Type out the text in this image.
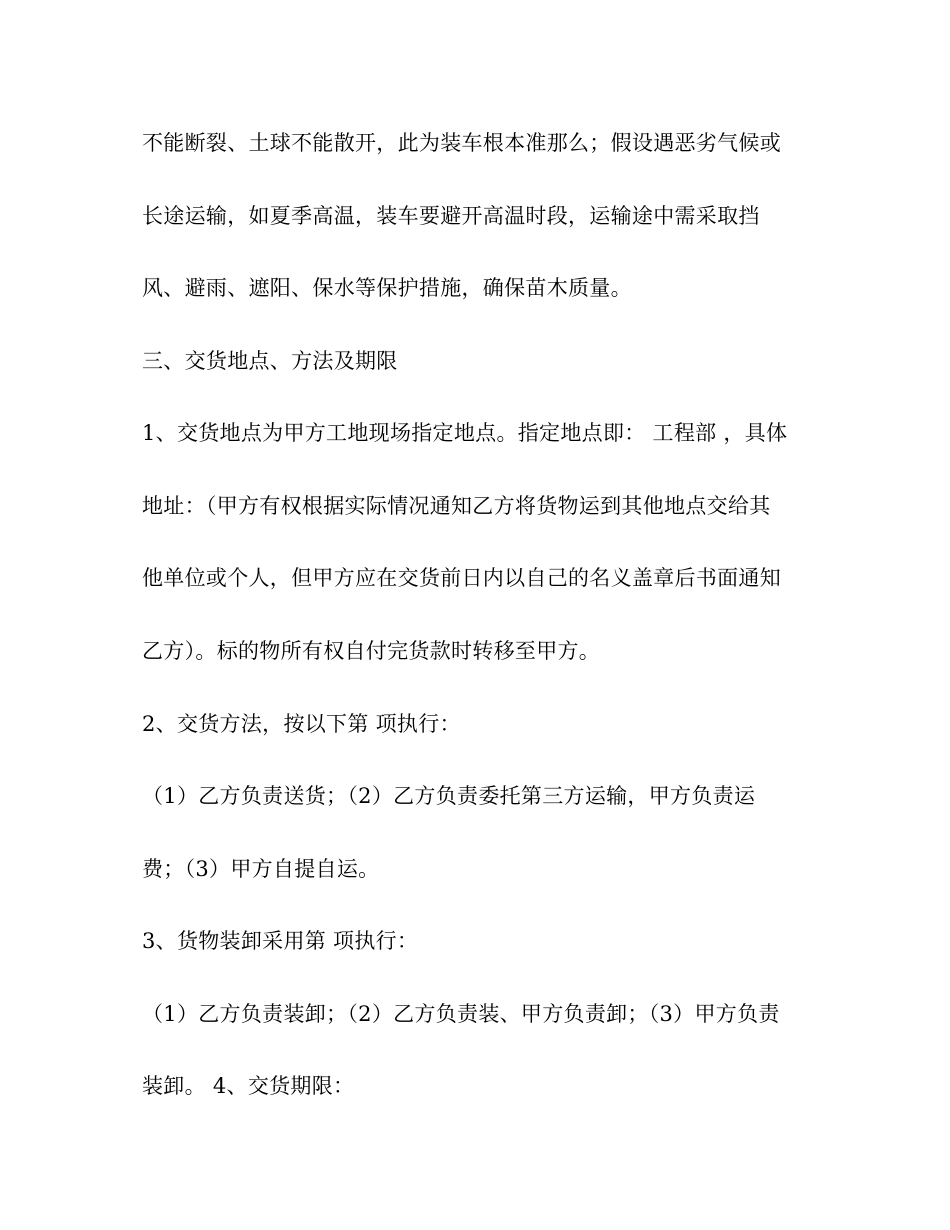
不能断裂、土球不能散开，此为装车根本准那么；假设遇恶劣气候或
长途运输，如夏季高温，装车要避开高温时段，运输途中需采取挡
风、避雨、遮阳、保水等保护措施，确保苗木质量。
三、交货地点、方法及期限
1、交货地点为甲方工地现场指定地点。指定地点即： 工程部 ，具体
地址：（甲方有权根据实际情况通知乙方将货物运到其他地点交给其
他单位或个人，但甲方应在交货前日内以自己的名义盖章后书面通知
乙方）。标的物所有权自付完货款时转移至甲方。
2、交货方法，按以下第 项执行：
（1）乙方负责送货；（2）乙方负责委托第三方运输，甲方负责运
费；（3）甲方自提自运。
3、货物装卸采用第 项执行：
（1）乙方负责装卸；（2）乙方负责装、甲方负责卸；（3）甲方负责
装卸。 4、交货期限：
